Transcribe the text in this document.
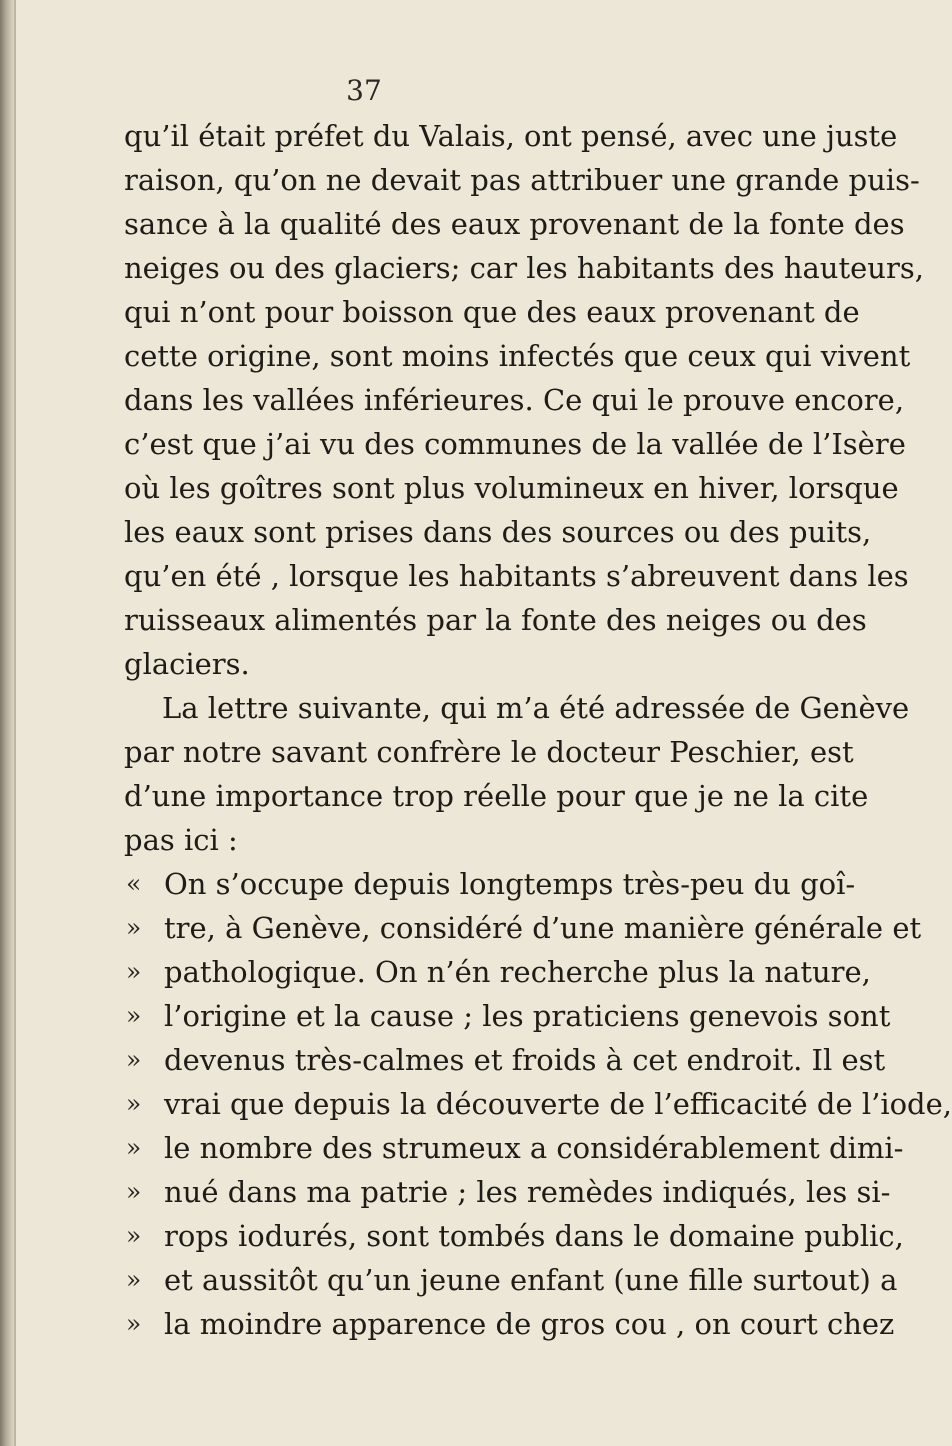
37
qu’il était préfet du Valais, ont pensé, avec une juste
raison, qu’on ne devait pas attribuer une grande puis-
sance à la qualité des eaux provenant de la fonte des
neiges ou des glaciers; car les habitants des hauteurs,
qui n’ont pour boisson que des eaux provenant de
cette origine, sont moins infectés que ceux qui vivent
dans les vallées inférieures. Ce qui le prouve encore,
c’est que j’ai vu des communes de la vallée de l’Isère
où les goîtres sont plus volumineux en hiver, lorsque
les eaux sont prises dans des sources ou des puits,
qu’en été , lorsque les habitants s’abreuvent dans les
ruisseaux alimentés par la fonte des neiges ou des
glaciers.
La lettre suivante, qui m’a été adressée de Genève
par notre savant confrère le docteur Peschier, est
d’une importance trop réelle pour que je ne la cite
pas ici :
« On s’occupe depuis longtemps très-peu du goî-
» tre, à Genève, considéré d’une manière générale et
» pathologique. On n’én recherche plus la nature,
» l’origine et la cause ; les praticiens genevois sont
» devenus très-calmes et froids à cet endroit. Il est
» vrai que depuis la découverte de l’efficacité de l’iode,
» le nombre des strumeux a considérablement dimi-
» nué dans ma patrie ; les remèdes indiqués, les si-
» rops iodurés, sont tombés dans le domaine public,
» et aussitôt qu’un jeune enfant (une fille surtout) a
» la moindre apparence de gros cou , on court chez
